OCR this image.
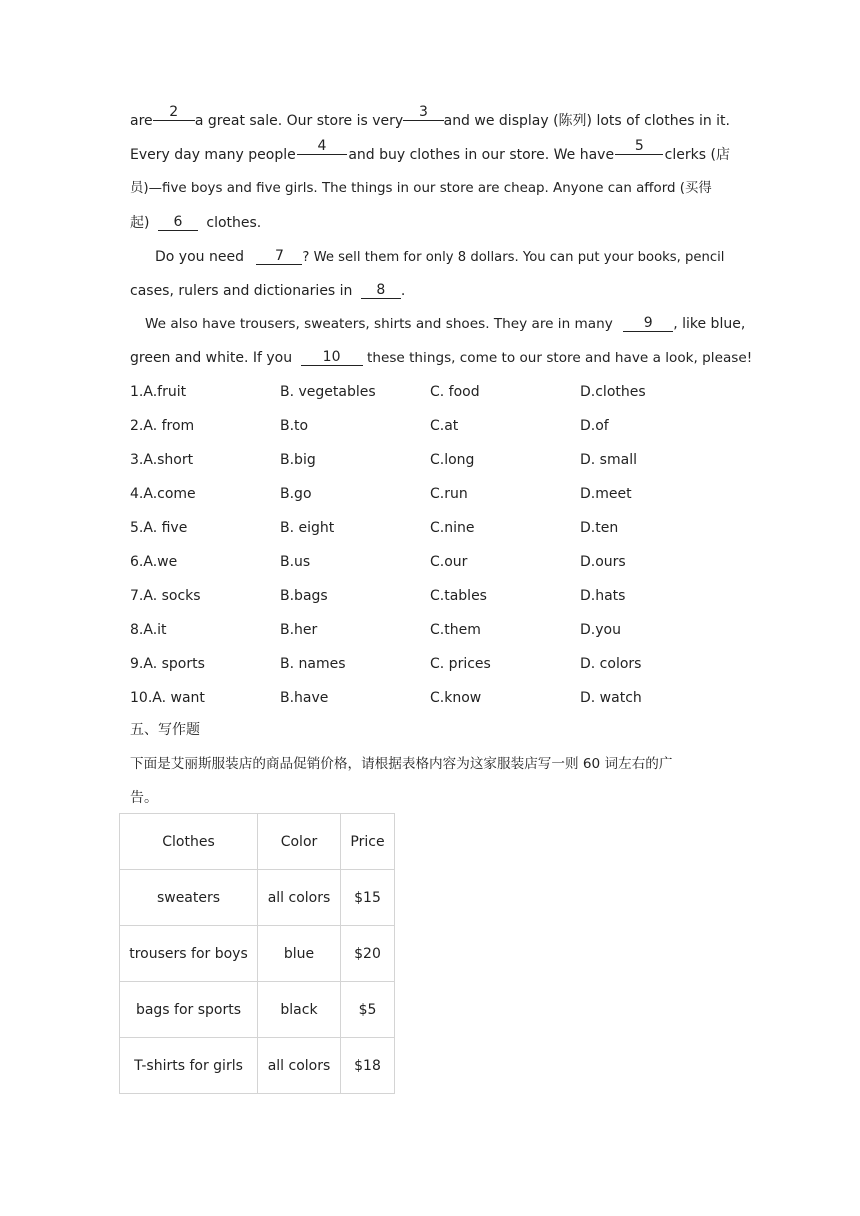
are
2
a great sale. Our store is very
3
and we display (陈列) lots of clothes in it.
Every day many people
4
and buy clothes in our store. We have
5
clerks (店
员)—five boys and five girls. The things in our store are cheap. Anyone can afford (买得
起) 6 clothes.
Do you need 7 ? We sell them for only 8 dollars. You can put your books, pencil
cases, rulers and dictionaries in 8 .
We also have trousers, sweaters, shirts and shoes. They are in many 9 , like blue,
green and white. If you 10 these things, come to our store and have a look, please!
1.A.fruit	B. vegetables	C. food	D.clothes
2.A. from	B.to	C.at	D.of
3.A.short	B.big	C.long	D. small
4.A.come	B.go	C.run	D.meet
5.A. five	B. eight	C.nine	D.ten
6.A.we	B.us	C.our	D.ours
7.A. socks	B.bags	C.tables	D.hats
8.A.it	B.her	C.them	D.you
9.A. sports	B. names	C. prices	D. colors
10.A. want	B.have	C.know	D. watch
五、写作题
下面是艾丽斯服装店的商品促销价格，请根据表格内容为这家服装店写一则 60 词左右的广
告。
Clothes	Color	Price
sweaters	all colors	$15
trousers for boys	blue	$20
bags for sports	black	$5
T-shirts for girls	all colors	$18
